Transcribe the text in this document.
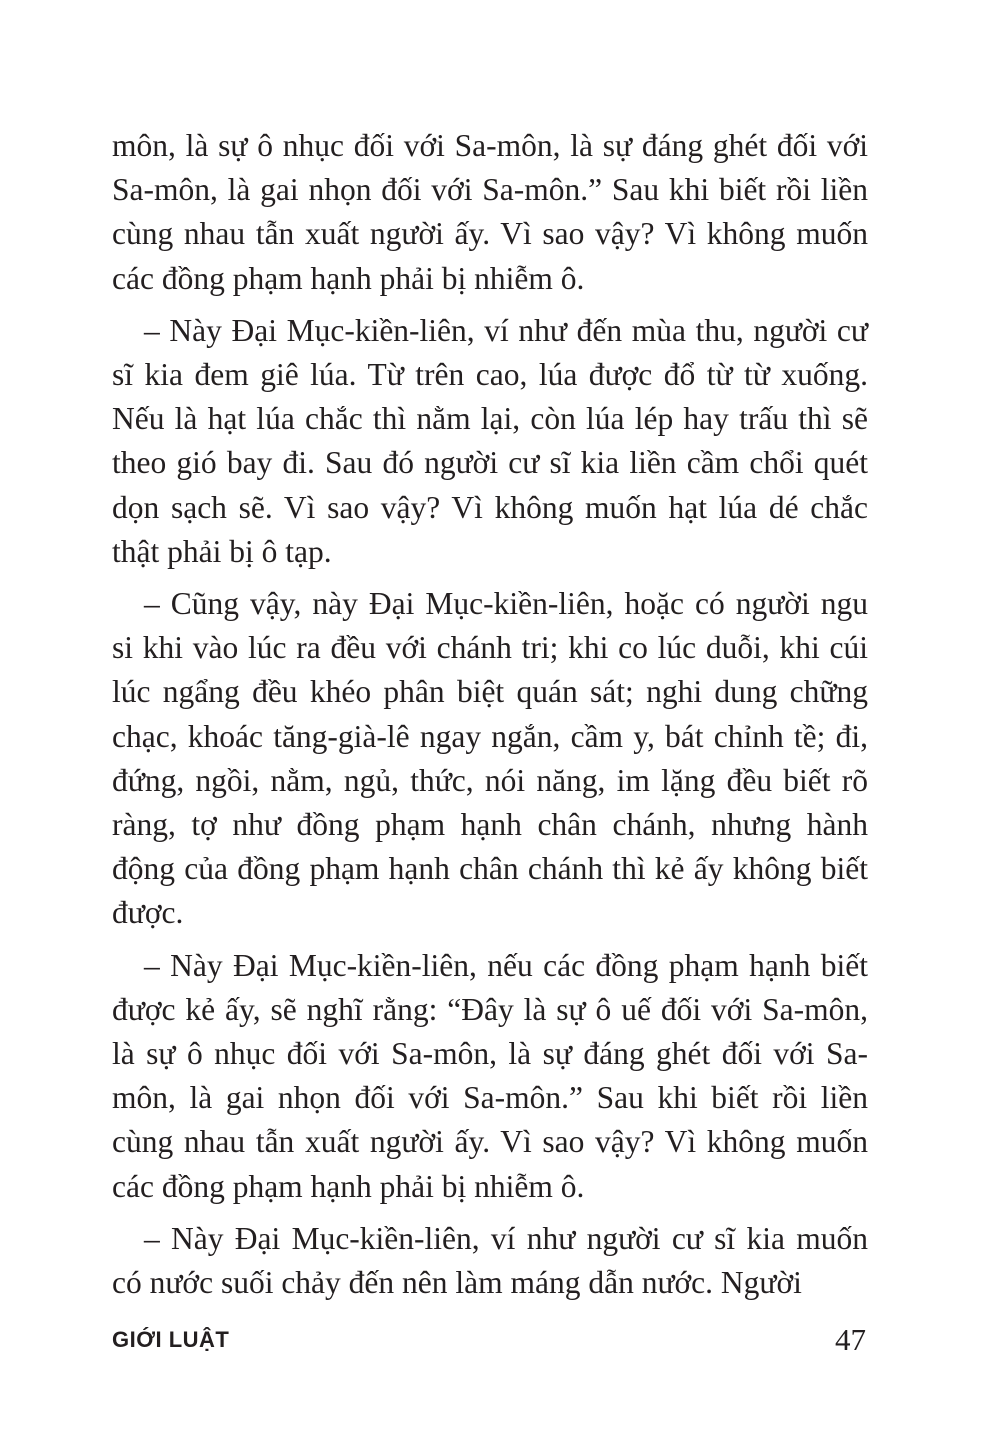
môn, là sự ô nhục đối với Sa-môn, là sự đáng ghét đối với Sa-môn, là gai nhọn đối với Sa-môn.” Sau khi biết rồi liền cùng nhau tẫn xuất người ấy. Vì sao vậy? Vì không muốn các đồng phạm hạnh phải bị nhiễm ô.

– Này Đại Mục-kiền-liên, ví như đến mùa thu, người cư sĩ kia đem giê lúa. Từ trên cao, lúa được đổ từ từ xuống. Nếu là hạt lúa chắc thì nằm lại, còn lúa lép hay trấu thì sẽ theo gió bay đi. Sau đó người cư sĩ kia liền cầm chổi quét dọn sạch sẽ. Vì sao vậy? Vì không muốn hạt lúa dé chắc thật phải bị ô tạp.

– Cũng vậy, này Đại Mục-kiền-liên, hoặc có người ngu si khi vào lúc ra đều với chánh tri; khi co lúc duỗi, khi cúi lúc ngẩng đều khéo phân biệt quán sát; nghi dung chững chạc, khoác tăng-già-lê ngay ngắn, cầm y, bát chỉnh tề; đi, đứng, ngồi, nằm, ngủ, thức, nói năng, im lặng đều biết rõ ràng, tợ như đồng phạm hạnh chân chánh, nhưng hành động của đồng phạm hạnh chân chánh thì kẻ ấy không biết được.

– Này Đại Mục-kiền-liên, nếu các đồng phạm hạnh biết được kẻ ấy, sẽ nghĩ rằng: “Đây là sự ô uế đối với Sa-môn, là sự ô nhục đối với Sa-môn, là sự đáng ghét đối với Sa-môn, là gai nhọn đối với Sa-môn.” Sau khi biết rồi liền cùng nhau tẫn xuất người ấy. Vì sao vậy? Vì không muốn các đồng phạm hạnh phải bị nhiễm ô.

– Này Đại Mục-kiền-liên, ví như người cư sĩ kia muốn có nước suối chảy đến nên làm máng dẫn nước. Người

GIỚI LUẬT	47
